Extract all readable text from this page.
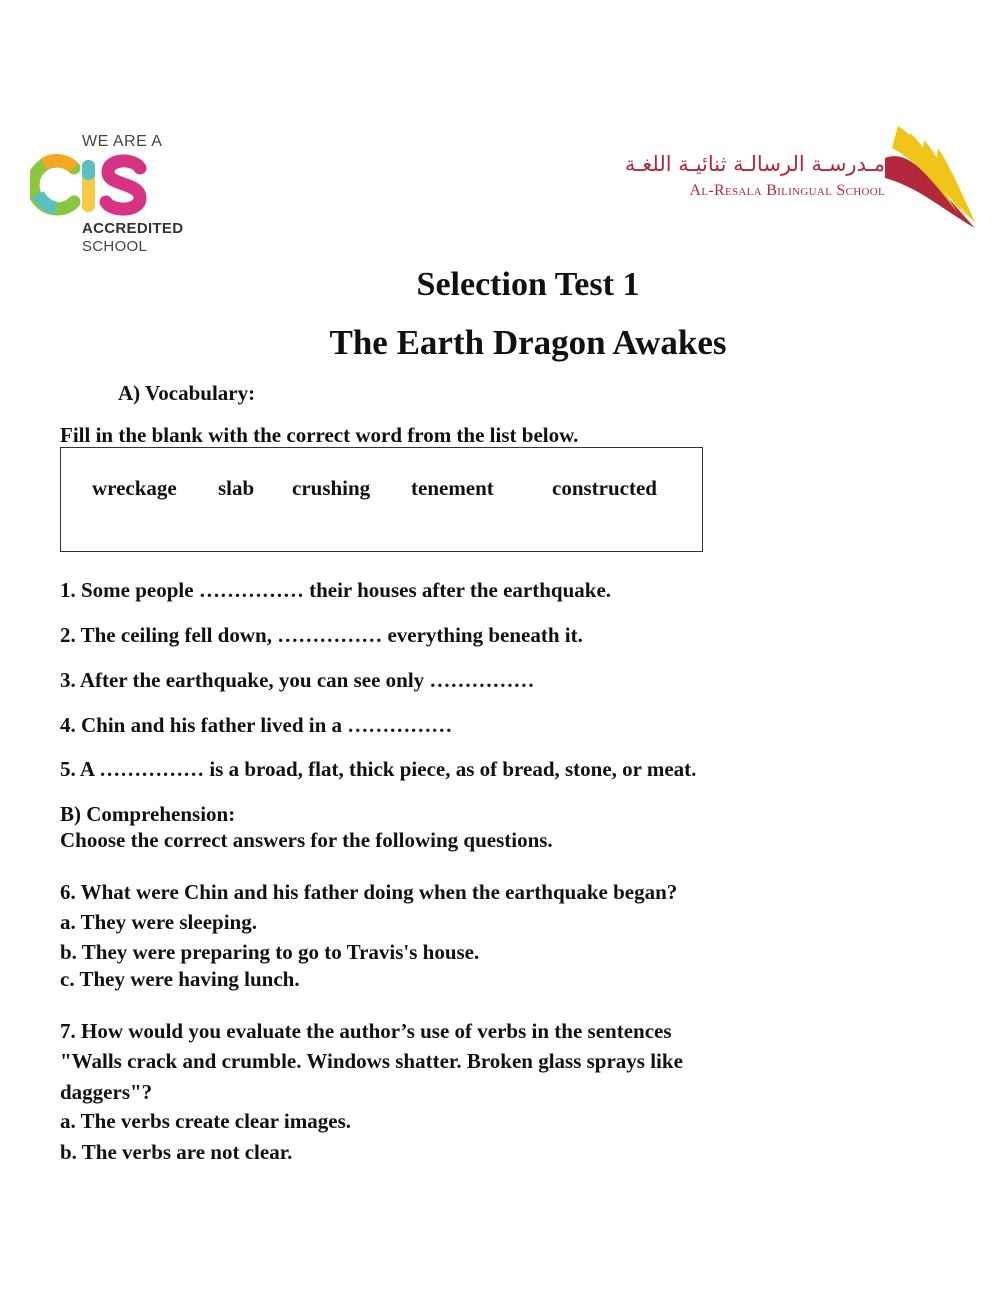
WE ARE A
ACCREDITED
SCHOOL
مـدرسـة الرسالـة ثنائيـة اللغـة
Al-Resala Bilingual School
Selection Test 1
The Earth Dragon Awakes
A) Vocabulary:
Fill in the blank with the correct word from the list below.
wreckage slab crushing tenement	constructed
1. Some people …………… their houses after the earthquake.
2. The ceiling fell down, …………… everything beneath it.
3. After the earthquake, you can see only ……………
4. Chin and his father lived in a ……………
5. A …………… is a broad, flat, thick piece, as of bread, stone, or meat.
B) Comprehension:
Choose the correct answers for the following questions.
6. What were Chin and his father doing when the earthquake began?
a. They were sleeping.
b. They were preparing to go to Travis's house.
c. They were having lunch.
7. How would you evaluate the author’s use of verbs in the sentences
"Walls crack and crumble. Windows shatter. Broken glass sprays like
daggers"?
a. The verbs create clear images.
b. The verbs are not clear.
